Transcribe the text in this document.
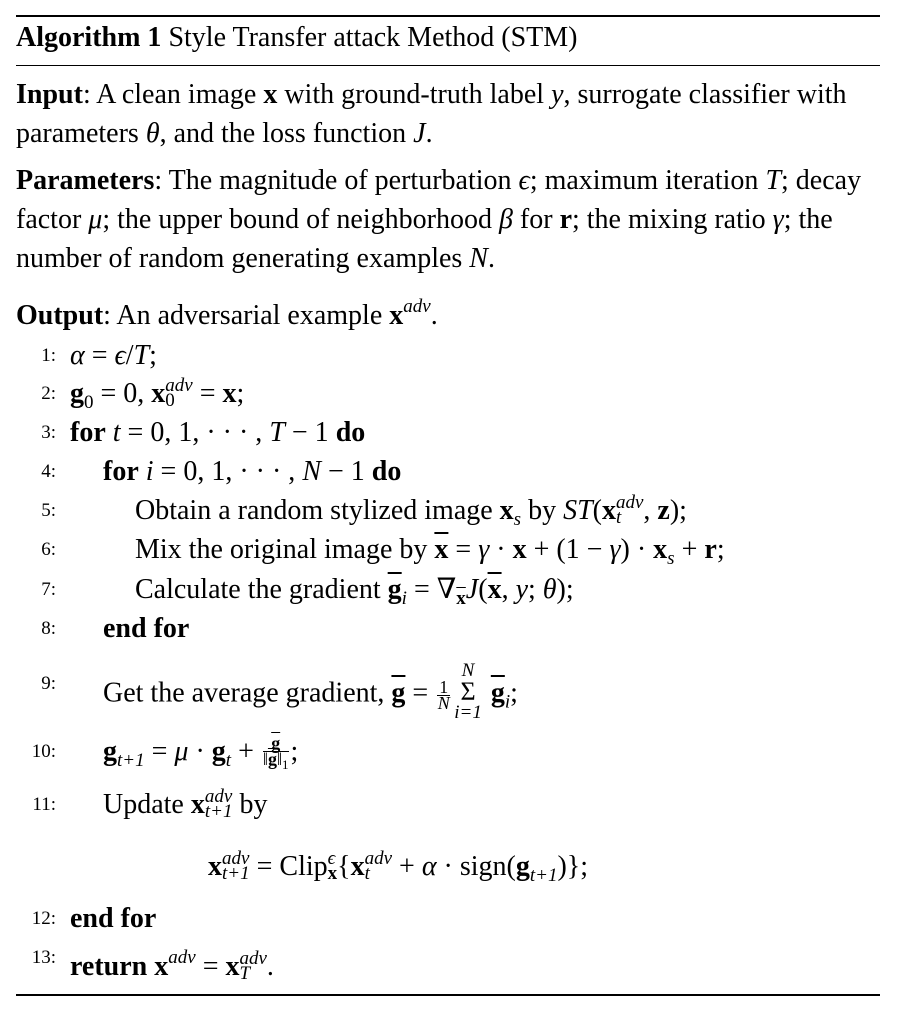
Algorithm 1 Style Transfer attack Method (STM)
Input: A clean image x with ground-truth label y, surrogate classifier with parameters θ, and the loss function J.
Parameters: The magnitude of perturbation ϵ; maximum iteration T; decay factor μ; the upper bound of neighborhood β for r; the mixing ratio γ; the number of random generating examples N.
Output: An adversarial example $x^{adv}$.
1: α = ϵ/T;
2: $g_0 = 0$, x adv
0 = x;
3: for t = 0, 1, · · · , T − 1 do
4: for i = 0, 1, · · · , N − 1 do
5:	Obtain a random stylized image $x_s$ by ST(x adv
t , z);
6:	Mix the original image by $\overline{x} = \gamma \cdot x + (1 - \gamma) \cdot x_s + r$;
7:	Calculate the gradient $\overline{g}_i = \nabla_{\overline{x}}J(\overline{x}$, y; θ);
8: end for
9: Get the average gradient, $\overline{g} = \frac{1}{N}$
N
Σ
i=1
$\overline{g}_i$;
10: $g_{t+1} = \mu \cdot g_t + \frac{\overline{g}}{‖\overline{g}‖_1}$ ;
11: Update x adv
t+1 by
x adv
t+1 = Clip ϵ
x {x adv
$t + \alpha \cdot sign(g_{t+1})$};
12: end for
13: return $x^{adv} = x$ adv
T .
